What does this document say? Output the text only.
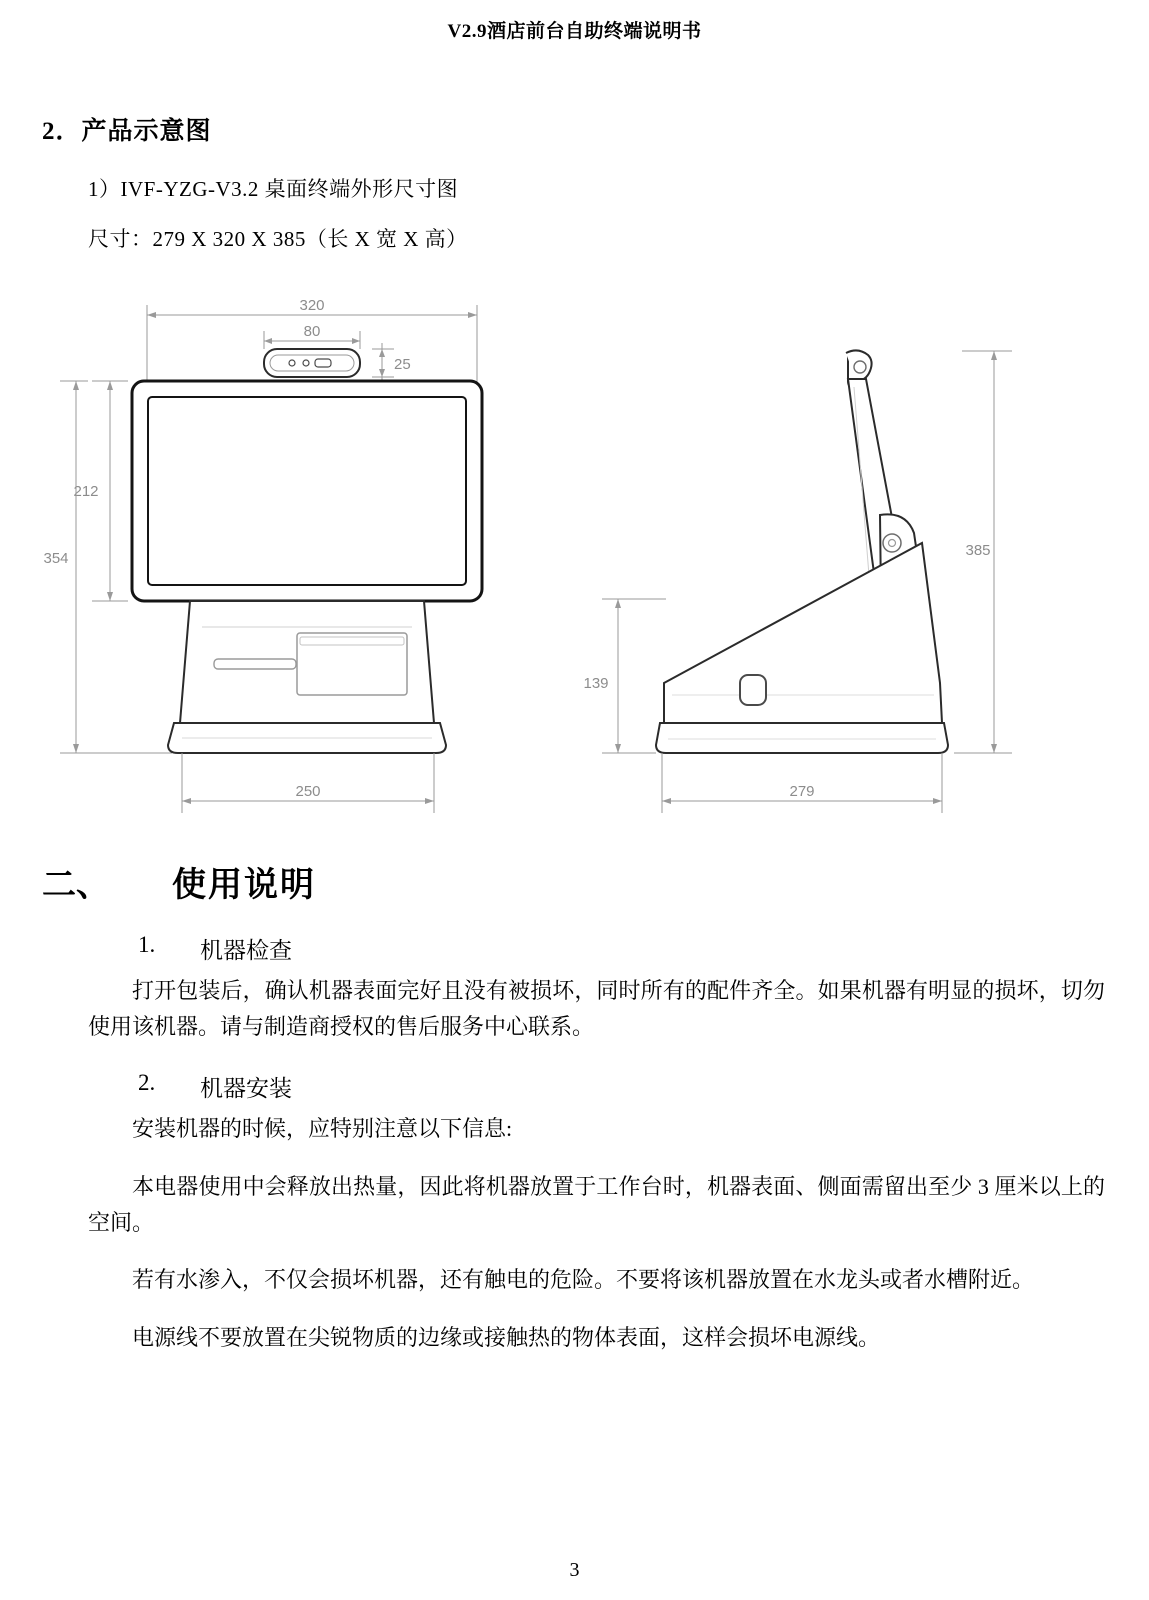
V2.9酒店前台自助终端说明书
2．产品示意图
1）IVF-YZG-V3.2 桌面终端外形尺寸图
尺寸：279 X 320 X 385（长 X 宽 X 高）
320
80
25
212
354
250
385
139
279
二、	使用说明
1.	机器检查

打开包装后，确认机器表面完好且没有被损坏，同时所有的配件齐全。如果机器有明显的损坏，切勿使用该机器。请与制造商授权的售后服务中心联系。

2.	机器安装

安装机器的时候，应特别注意以下信息:

本电器使用中会释放出热量，因此将机器放置于工作台时，机器表面、侧面需留出至少 3 厘米以上的空间。

若有水渗入，不仅会损坏机器，还有触电的危险。不要将该机器放置在水龙头或者水槽附近。

电源线不要放置在尖锐物质的边缘或接触热的物体表面，这样会损坏电源线。

3
